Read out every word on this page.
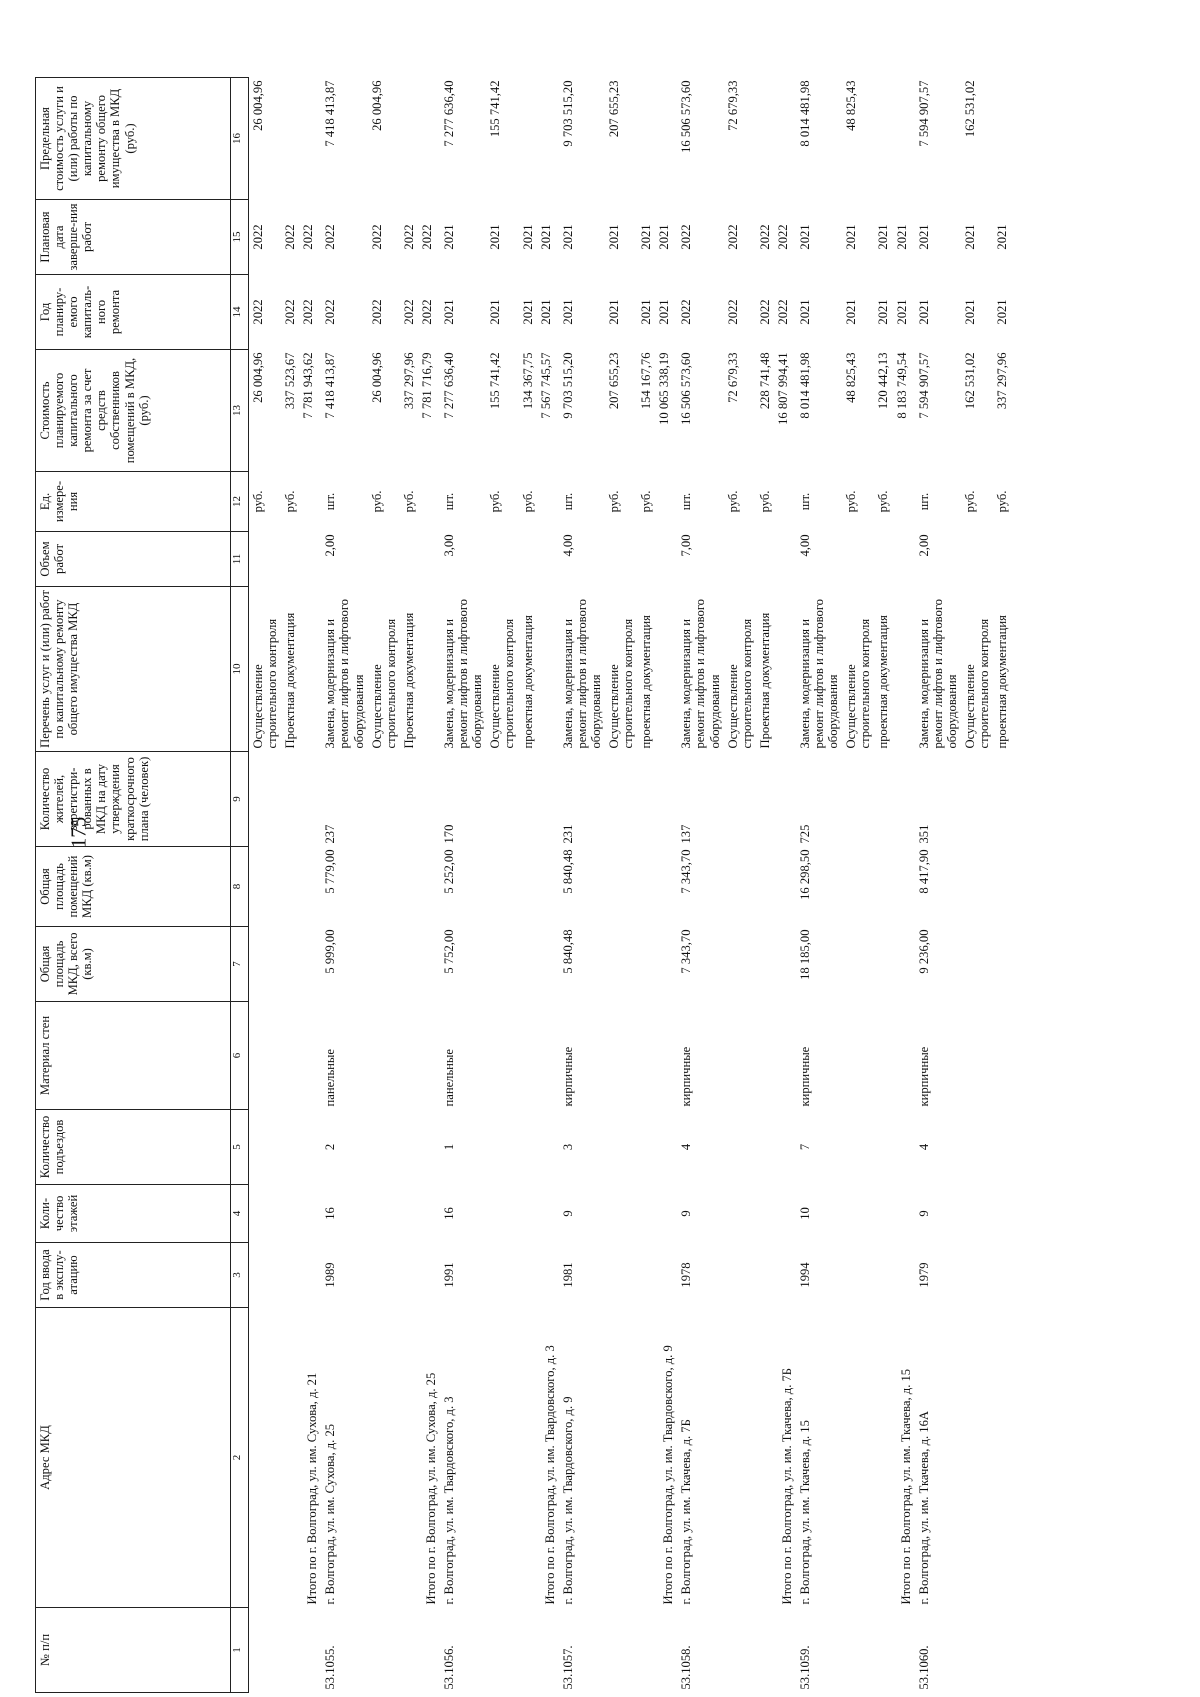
175
№ п/п	Адрес МКД	Год ввода в эксплу-атацию	Коли-чество этажей	Количество подъездов	Материал стен	Общая площадь МКД, всего (кв.м)	Общая площадь помещений МКД (кв.м)	Количество жителей, зарегистри-рованных в МКД на дату утверждения краткосрочного плана (человек)	Перечень услуг и (или) работ по капитальному ремонту общего имущества МКД	Объем работ	Ед. измере-ния	Стоимость планируемого капитального ремонта за счет средств собственников помещений в МКД, (руб.)	Год планиру-емого капиталь-ного ремонта	Плановая дата заверше-ния работ	Предельная стоимость услуги и (или) работы по капитальному ремонту общего имущества в МКД (руб.)
1	2	3	4	5	6	7	8	9	10	11	12	13	14	15	16
									Осуществление строительного контроля		руб.	26 004,96	2022	2022	26 004,96
									Проектная документация		руб.	337 523,67	2022	2022	
	Итого по г. Волгоград, ул. им. Сухова, д. 21											7 781 943,62	2022	2022	
53.1055.	г. Волгоград, ул. им. Сухова, д. 25	1989	16	2	панельные	5 999,00	5 779,00	237	Замена, модернизация и ремонт лифтов и лифтового оборудования	2,00	шт.	7 418 413,87	2022	2022	7 418 413,87
									Осуществление строительного контроля		руб.	26 004,96	2022	2022	26 004,96
									Проектная документация		руб.	337 297,96	2022	2022	
	Итого по г. Волгоград, ул. им. Сухова, д. 25											7 781 716,79	2022	2022	
53.1056.	г. Волгоград, ул. им. Твардовского, д. 3	1991	16	1	панельные	5 752,00	5 252,00	170	Замена, модернизация и ремонт лифтов и лифтового оборудования	3,00	шт.	7 277 636,40	2021	2021	7 277 636,40
									Осуществление строительного контроля		руб.	155 741,42	2021	2021	155 741,42
									проектная документация		руб.	134 367,75	2021	2021	
	Итого по г. Волгоград, ул. им. Твардовского, д. 3											7 567 745,57	2021	2021	
53.1057.	г. Волгоград, ул. им. Твардовского, д. 9	1981	9	3	кирпичные	5 840,48	5 840,48	231	Замена, модернизация и ремонт лифтов и лифтового оборудования	4,00	шт.	9 703 515,20	2021	2021	9 703 515,20
									Осуществление строительного контроля		руб.	207 655,23	2021	2021	207 655,23
									проектная документация		руб.	154 167,76	2021	2021	
	Итого по г. Волгоград, ул. им. Твардовского, д. 9											10 065 338,19	2021	2021	
53.1058.	г. Волгоград, ул. им. Ткачева, д. 7Б	1978	9	4	кирпичные	7 343,70	7 343,70	137	Замена, модернизация и ремонт лифтов и лифтового оборудования	7,00	шт.	16 506 573,60	2022	2022	16 506 573,60
									Осуществление строительного контроля		руб.	72 679,33	2022	2022	72 679,33
									Проектная документация		руб.	228 741,48	2022	2022	
	Итого по г. Волгоград, ул. им. Ткачева, д. 7Б											16 807 994,41	2022	2022	
53.1059.	г. Волгоград, ул. им. Ткачева, д. 15	1994	10	7	кирпичные	18 185,00	16 298,50	725	Замена, модернизация и ремонт лифтов и лифтового оборудования	4,00	шт.	8 014 481,98	2021	2021	8 014 481,98
									Осуществление строительного контроля		руб.	48 825,43	2021	2021	48 825,43
									проектная документация		руб.	120 442,13	2021	2021	
	Итого по г. Волгоград, ул. им. Ткачева, д. 15											8 183 749,54	2021	2021	
53.1060.	г. Волгоград, ул. им. Ткачева, д. 16А	1979	9	4	кирпичные	9 236,00	8 417,90	351	Замена, модернизация и ремонт лифтов и лифтового оборудования	2,00	шт.	7 594 907,57	2021	2021	7 594 907,57
									Осуществление строительного контроля		руб.	162 531,02	2021	2021	162 531,02
									проектная документация		руб.	337 297,96	2021	2021	
